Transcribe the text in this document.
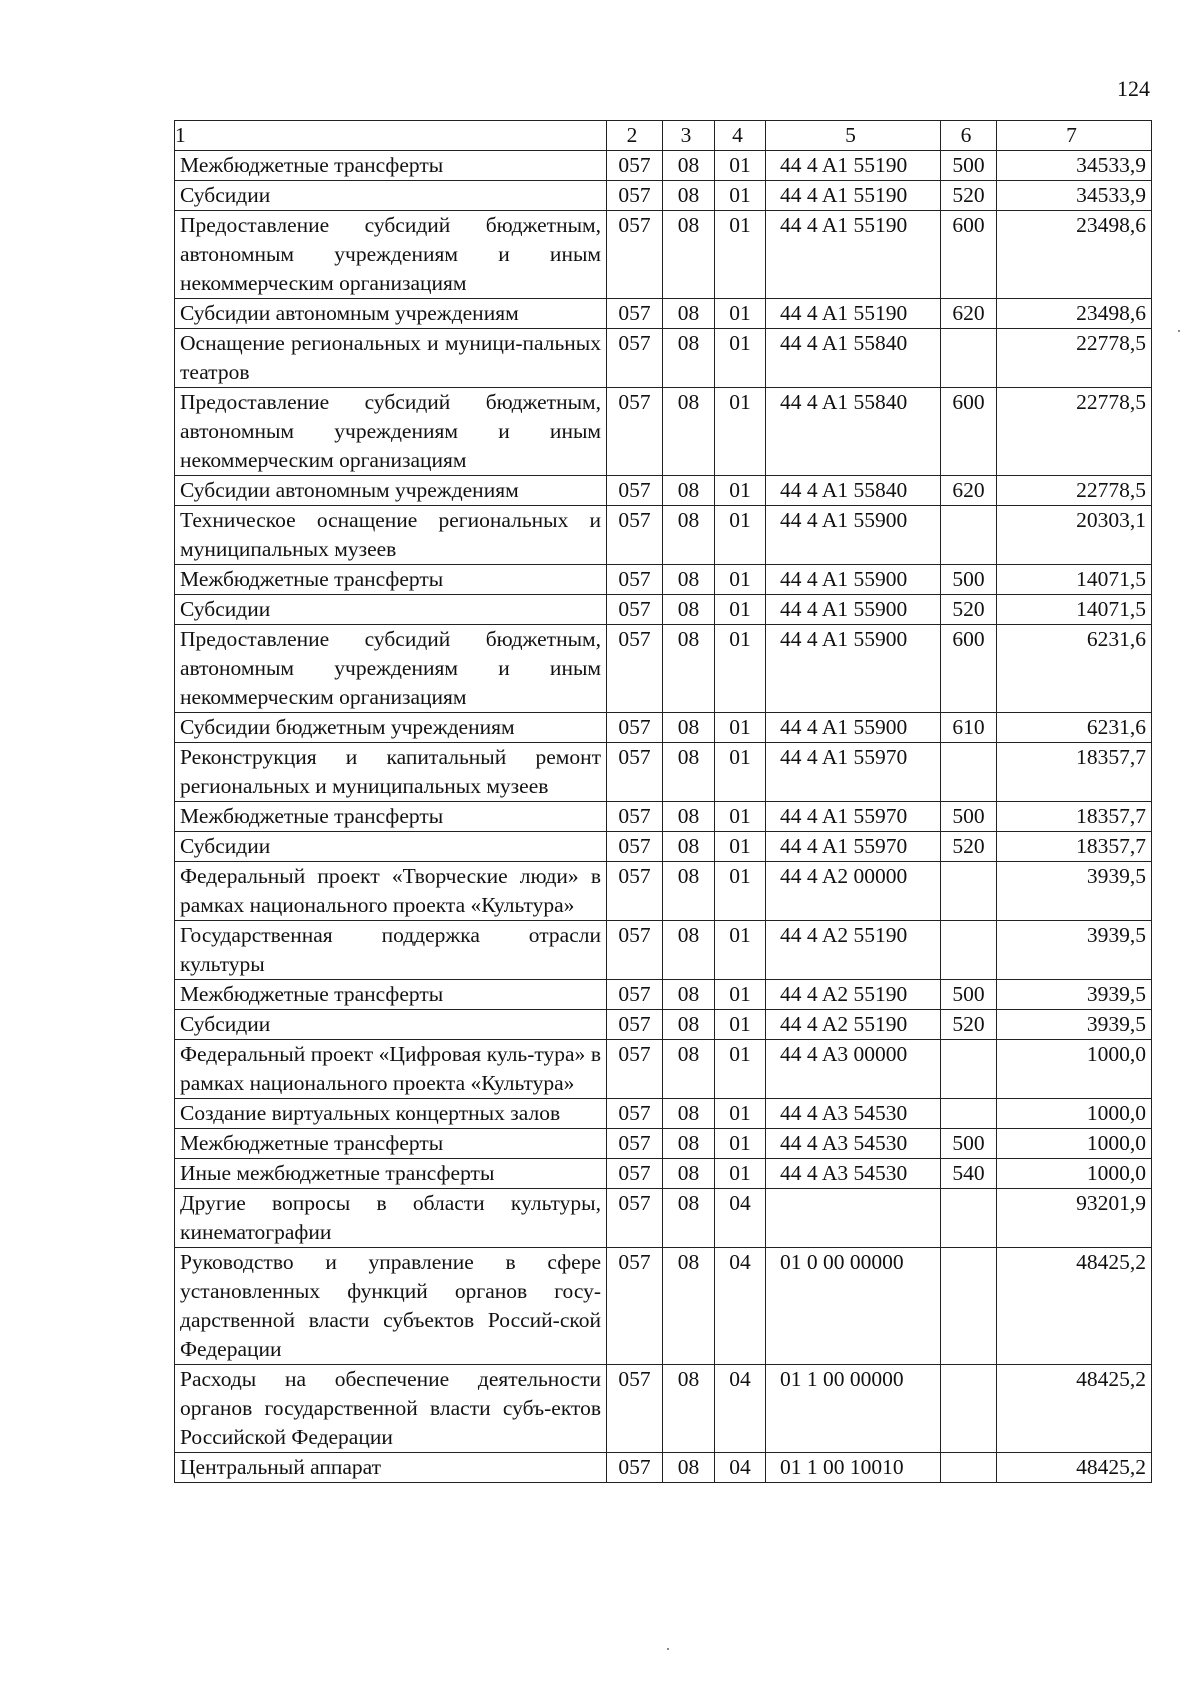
124
1	2	3	4	5	6	7
Межбюджетные трансферты	057	08	01	44 4 A1 55190	500	34533,9
Субсидии	057	08	01	44 4 A1 55190	520	34533,9
Предоставление субсидий бюджетным, автономным учреждениям и иным некоммерческим организациям	057	08	01	44 4 A1 55190	600	23498,6
Субсидии автономным учреждениям	057	08	01	44 4 A1 55190	620	23498,6
Оснащение региональных и муници-пальных театров	057	08	01	44 4 A1 55840		22778,5
Предоставление субсидий бюджетным, автономным учреждениям и иным некоммерческим организациям	057	08	01	44 4 A1 55840	600	22778,5
Субсидии автономным учреждениям	057	08	01	44 4 A1 55840	620	22778,5
Техническое оснащение региональных и муниципальных музеев	057	08	01	44 4 A1 55900		20303,1
Межбюджетные трансферты	057	08	01	44 4 A1 55900	500	14071,5
Субсидии	057	08	01	44 4 A1 55900	520	14071,5
Предоставление субсидий бюджетным, автономным учреждениям и иным некоммерческим организациям	057	08	01	44 4 A1 55900	600	6231,6
Субсидии бюджетным учреждениям	057	08	01	44 4 A1 55900	610	6231,6
Реконструкция и капитальный ремонт региональных и муниципальных музеев	057	08	01	44 4 A1 55970		18357,7
Межбюджетные трансферты	057	08	01	44 4 A1 55970	500	18357,7
Субсидии	057	08	01	44 4 A1 55970	520	18357,7
Федеральный проект «Творческие люди» в рамках национального проекта «Культура»	057	08	01	44 4 A2 00000		3939,5
Государственная поддержка отрасли культуры	057	08	01	44 4 A2 55190		3939,5
Межбюджетные трансферты	057	08	01	44 4 A2 55190	500	3939,5
Субсидии	057	08	01	44 4 A2 55190	520	3939,5
Федеральный проект «Цифровая куль-тура» в рамках национального проекта «Культура»	057	08	01	44 4 A3 00000		1000,0
Создание виртуальных концертных залов	057	08	01	44 4 A3 54530		1000,0
Межбюджетные трансферты	057	08	01	44 4 A3 54530	500	1000,0
Иные межбюджетные трансферты	057	08	01	44 4 A3 54530	540	1000,0
Другие вопросы в области культуры, кинематографии	057	08	04			93201,9
Руководство и управление в сфере установленных функций органов госу-дарственной власти субъектов Россий-ской Федерации	057	08	04	01 0 00 00000		48425,2
Расходы на обеспечение деятельности органов государственной власти субъ-ектов Российской Федерации	057	08	04	01 1 00 00000		48425,2
Центральный аппарат	057	08	04	01 1 00 10010		48425,2
